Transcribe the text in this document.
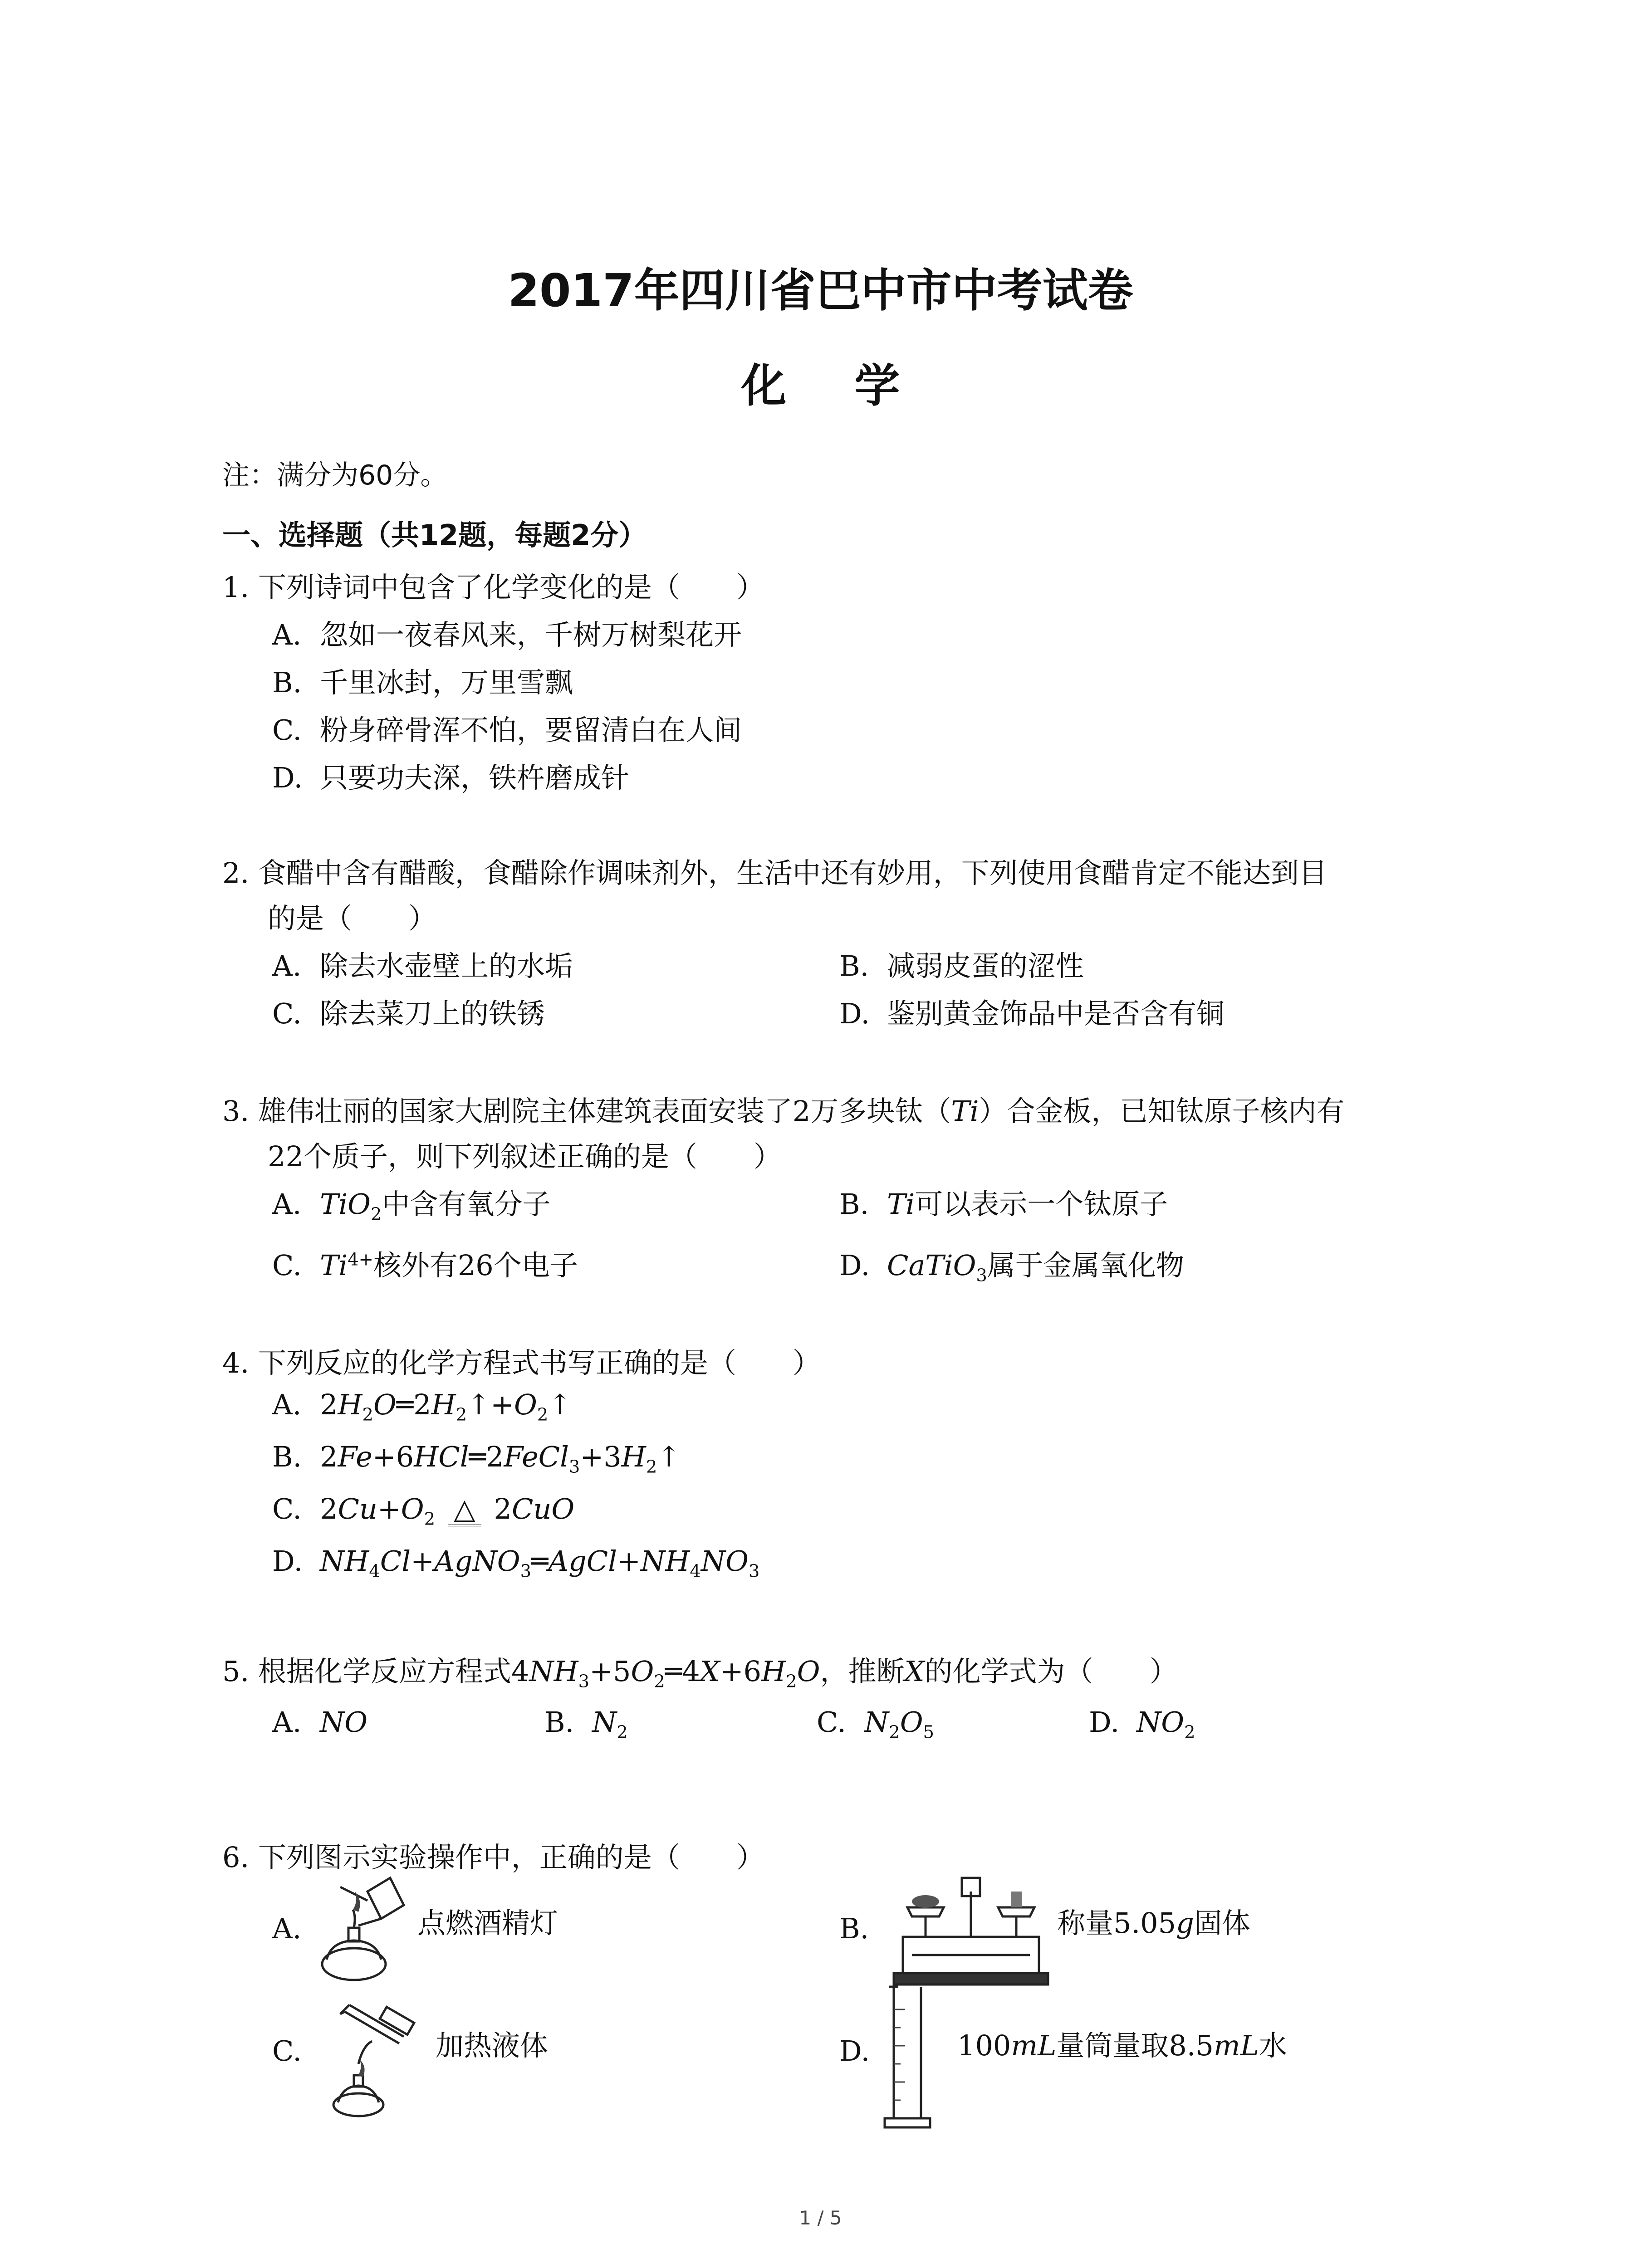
2017年四川省巴中市中考试卷
化学
注：满分为60分。
一、选择题（共12题，每题2分）
1. 下列诗词中包含了化学变化的是（　　）
A. 忽如一夜春风来，千树万树梨花开
B. 千里冰封，万里雪飘
C. 粉身碎骨浑不怕，要留清白在人间
D. 只要功夫深，铁杵磨成针
2. 食醋中含有醋酸，食醋除作调味剂外，生活中还有妙用，下列使用食醋肯定不能达到目
的是（　　）
A. 除去水壶壁上的水垢	B. 减弱皮蛋的涩性
C. 除去菜刀上的铁锈	D. 鉴别黄金饰品中是否含有铜
3. 雄伟壮丽的国家大剧院主体建筑表面安装了2万多块钛（Ti）合金板，已知钛原子核内有
22个质子，则下列叙述正确的是（　　）
A. TiO$_2$中含有氧分子	B. Ti可以表示一个钛原子
C. $Ti^{4+}$核外有26个电子	D. CaTiO$_3$属于金属氧化物
4. 下列反应的化学方程式书写正确的是（　　）
A. $2H_2O═2H_2↑+O_2↑$
B. $2Fe+6HCl═2FeCl_3+3H_2↑$
C. $2Cu+O_2$ △
2CuO
D. $NH_4Cl+AgNO_3═AgCl+NH_4NO_3$
5. 根据化学反应方程式$4NH_3+5O_2═4X+6H_2O$，推断X的化学式为（　　）
A. NO	B. $N_2$	C. $N_2O_5$	D. $NO_2$
6. 下列图示实验操作中，正确的是（　　）
A.	点燃酒精灯	B.	称量5.05g固体
C.	加热液体	D.	100mL量筒量取8.5mL水
1 / 5
